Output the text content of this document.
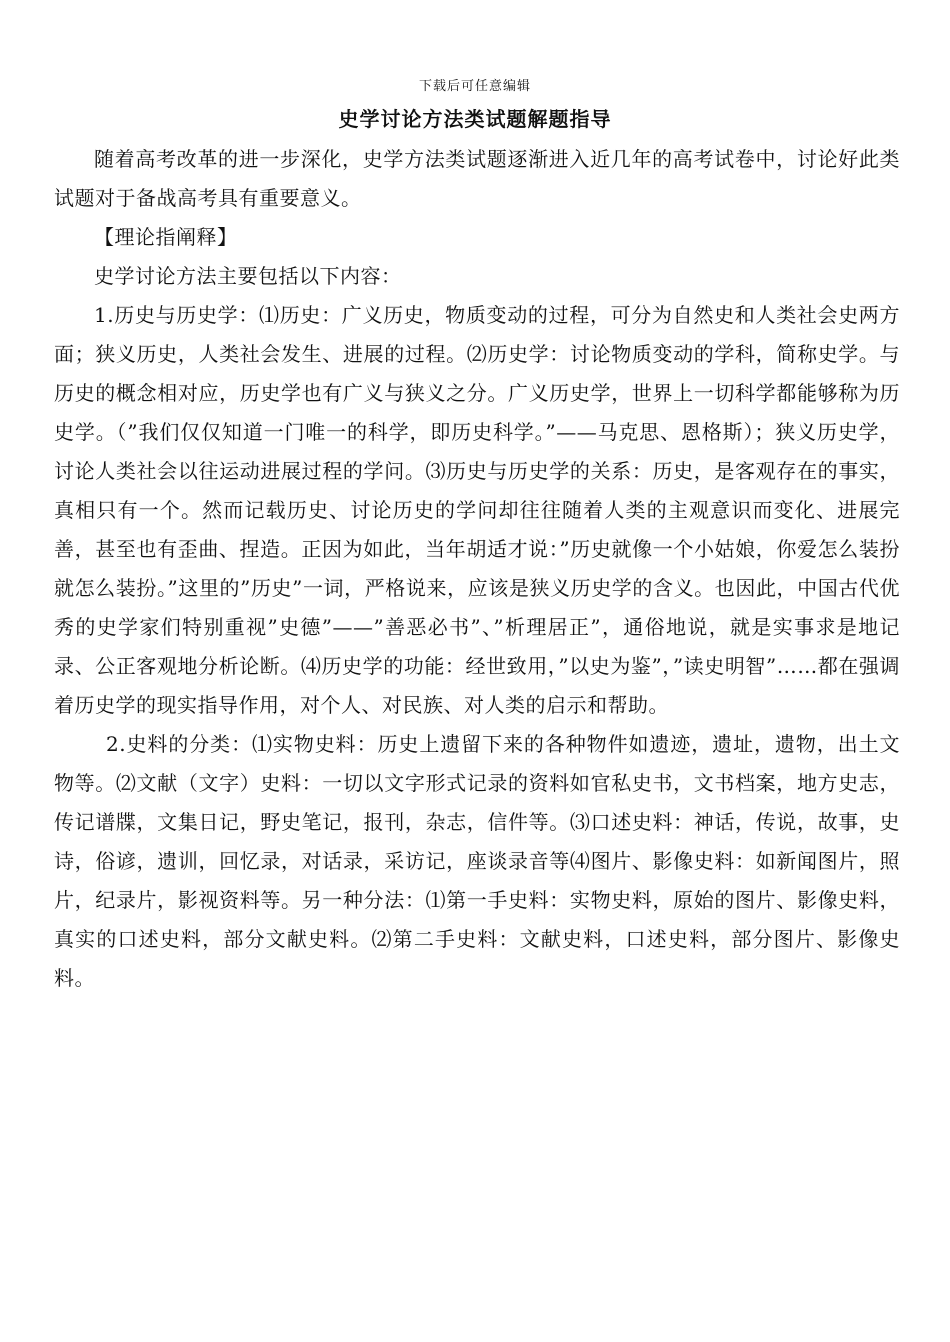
下载后可任意编辑
史学讨论方法类试题解题指导

随着高考改革的进一步深化，史学方法类试题逐渐进入近几年的高考试卷中，讨论好此类试题对于备战高考具有重要意义。

【理论指阐释】

史学讨论方法主要包括以下内容：

1.历史与历史学：⑴历史：广义历史，物质变动的过程，可分为自然史和人类社会史两方面；狭义历史，人类社会发生、进展的过程。⑵历史学：讨论物质变动的学科，简称史学。与历史的概念相对应，历史学也有广义与狭义之分。广义历史学，世界上一切科学都能够称为历史学。（”我们仅仅知道一门唯一的科学，即历史科学。”——马克思、恩格斯）；狭义历史学，讨论人类社会以往运动进展过程的学问。⑶历史与历史学的关系：历史，是客观存在的事实，真相只有一个。然而记载历史、讨论历史的学问却往往随着人类的主观意识而变化、进展完善，甚至也有歪曲、捏造。正因为如此，当年胡适才说：”历史就像一个小姑娘，你爱怎么装扮就怎么装扮。”这里的”历史”一词，严格说来，应该是狭义历史学的含义。也因此，中国古代优秀的史学家们特别重视”史德”——”善恶必书”、”析理居正”，通俗地说，就是实事求是地记录、公正客观地分析论断。⑷历史学的功能：经世致用，”以史为鉴”，”读史明智”……都在强调着历史学的现实指导作用，对个人、对民族、对人类的启示和帮助。

2.史料的分类：⑴实物史料：历史上遗留下来的各种物件如遗迹，遗址，遗物，出土文物等。⑵文献（文字）史料：一切以文字形式记录的资料如官私史书，文书档案，地方史志，传记谱牒，文集日记，野史笔记，报刊，杂志，信件等。⑶口述史料：神话，传说，故事，史诗，俗谚，遗训，回忆录，对话录，采访记，座谈录音等⑷图片、影像史料：如新闻图片，照片，纪录片，影视资料等。另一种分法：⑴第一手史料：实物史料，原始的图片、影像史料，真实的口述史料，部分文献史料。⑵第二手史料：文献史料，口述史料，部分图片、影像史料。
